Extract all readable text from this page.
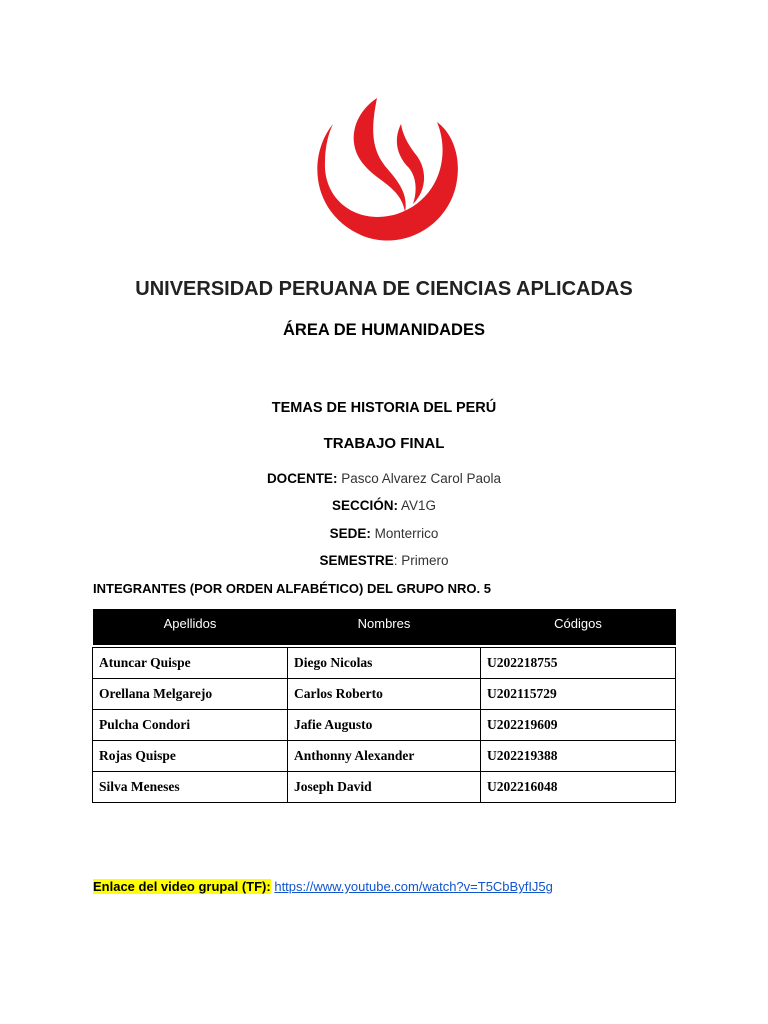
UNIVERSIDAD PERUANA DE CIENCIAS APLICADAS
ÁREA DE HUMANIDADES
TEMAS DE HISTORIA DEL PERÚ
TRABAJO FINAL
DOCENTE: Pasco Alvarez Carol Paola
SECCIÓN: AV1G
SEDE: Monterrico
SEMESTRE: Primero
INTEGRANTES (POR ORDEN ALFABÉTICO) DEL GRUPO NRO. 5
Apellidos	Nombres	Códigos

Atuncar Quispe	Diego Nicolas	U202218755
Orellana Melgarejo	Carlos Roberto	U202115729
Pulcha Condori	Jafie Augusto	U202219609
Rojas Quispe	Anthonny Alexander	U202219388
Silva Meneses	Joseph David	U202216048
Enlace del video grupal (TF): https://www.youtube.com/watch?v=T5CbByfIJ5g
